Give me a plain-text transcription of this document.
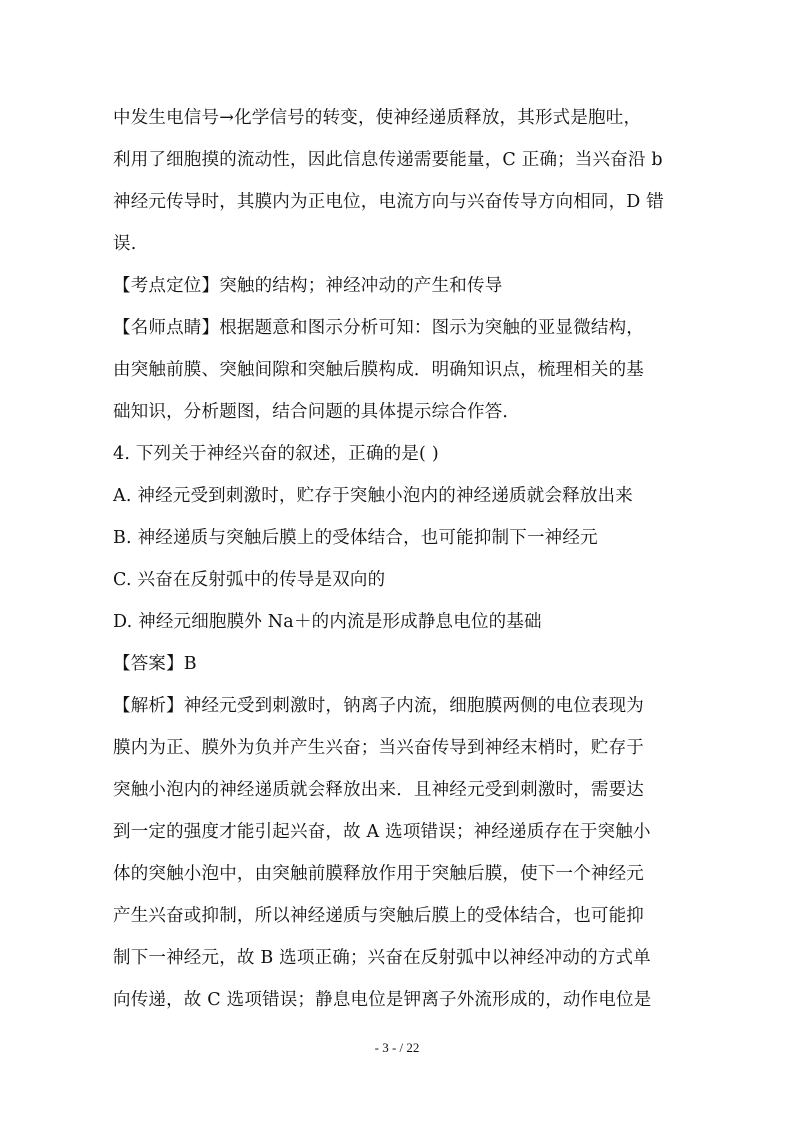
中发生电信号→化学信号的转变，使神经递质释放，其形式是胞吐，
利用了细胞摸的流动性，因此信息传递需要能量，C 正确；当兴奋沿 b
神经元传导时，其膜内为正电位，电流方向与兴奋传导方向相同，D 错
误.
【考点定位】突触的结构；神经冲动的产生和传导
【名师点睛】根据题意和图示分析可知：图示为突触的亚显微结构，
由突触前膜、突触间隙和突触后膜构成．明确知识点，梳理相关的基
础知识，分析题图，结合问题的具体提示综合作答．
4. 下列关于神经兴奋的叙述，正确的是( )
A. 神经元受到刺激时，贮存于突触小泡内的神经递质就会释放出来
B. 神经递质与突触后膜上的受体结合，也可能抑制下一神经元
C. 兴奋在反射弧中的传导是双向的
D. 神经元细胞膜外 Na＋的内流是形成静息电位的基础
【答案】B
【解析】神经元受到刺激时，钠离子内流，细胞膜两侧的电位表现为
膜内为正、膜外为负并产生兴奋；当兴奋传导到神经末梢时，贮存于
突触小泡内的神经递质就会释放出来．且神经元受到刺激时，需要达
到一定的强度才能引起兴奋，故 A 选项错误；神经递质存在于突触小
体的突触小泡中，由突触前膜释放作用于突触后膜，使下一个神经元
产生兴奋或抑制，所以神经递质与突触后膜上的受体结合，也可能抑
制下一神经元，故 B 选项正确；兴奋在反射弧中以神经冲动的方式单
向传递，故 C 选项错误；静息电位是钾离子外流形成的，动作电位是
- 3 - / 22
